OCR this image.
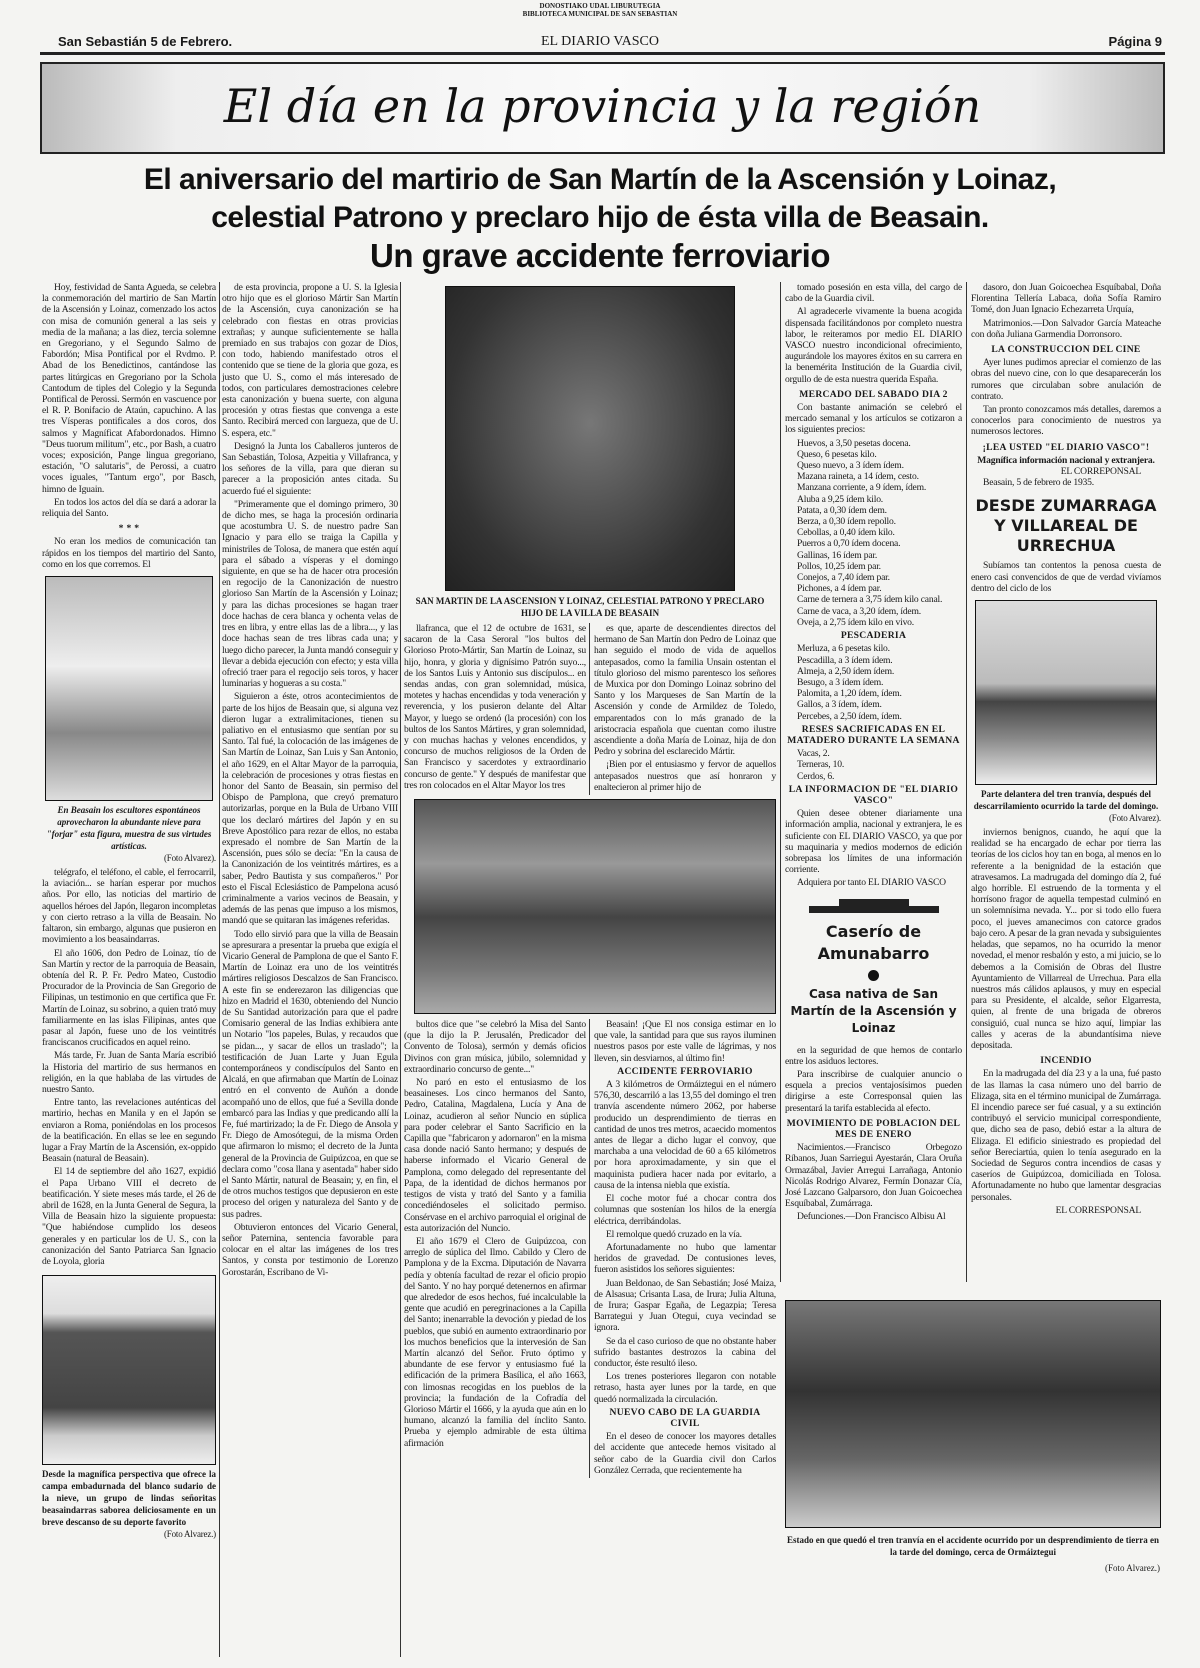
DONOSTIAKO UDAL LIBURUTEGIA
BIBLIOTECA MUNICIPAL DE SAN SEBASTIAN
San Sebastián 5 de Febrero.	EL DIARIO VASCO	Página 9
El día en la provincia y la región
El aniversario del martirio de San Martín de la Ascensión y Loinaz,
celestial Patrono y preclaro hijo de ésta villa de Beasain.
Un grave accidente ferroviario

Hoy, festividad de Santa Agueda, se celebra la conmemoración del martirio de San Martín de la Ascensión y Loinaz, comenzado los actos con misa de comunión general a las seis y media de la mañana; a las diez, tercia solemne en Gregoriano, y el Segundo Salmo de Fabordón; Misa Pontifical por el Rvdmo. P. Abad de los Benedictinos, cantándose las partes litúrgicas en Gregoriano por la Schola Cantodum de tiples del Colegio y la Segunda Pontifical de Perossi. Sermón en vascuence por el R. P. Bonifacio de Ataún, capuchino. A las tres Vísperas pontificales a dos coros, dos salmos y Magníficat Afabordonados. Himno "Deus tuorum militum", etc., por Bash, a cuatro voces; exposición, Pange lingua gregoriano, estación, "O salutaris", de Perossi, a cuatro voces iguales, "Tantum ergo", por Basch, himno de Iguain.

En todos los actos del día se dará a adorar la reliquia del Santo.

* * *

No eran los medios de comunicación tan rápidos en los tiempos del martirio del Santo, como en los que corremos. El

En Beasain los escultores espontáneos aprovecharon la abundante nieve para "forjar" esta figura, muestra de sus virtudes artísticas.
(Foto Alvarez).

telégrafo, el teléfono, el cable, el ferrocarril, la aviación... se harían esperar por muchos años. Por ello, las noticias del martirio de aquellos héroes del Japón, llegaron incompletas y con cierto retraso a la villa de Beasain. No faltaron, sin embargo, algunas que pusieron en movimiento a los beasaindarras.

El año 1606, don Pedro de Loinaz, tío de San Martín y rector de la parroquia de Beasain, obtenía del R. P. Fr. Pedro Mateo, Custodio Procurador de la Provincia de San Gregorio de Filipinas, un testimonio en que certifica que Fr. Martín de Loinaz, su sobrino, a quien trató muy familiarmente en las islas Filipinas, antes que pasar al Japón, fuese uno de los veintitrés franciscanos crucificados en aquel reino.

Más tarde, Fr. Juan de Santa María escribió la Historia del martirio de sus hermanos en religión, en la que hablaba de las virtudes de nuestro Santo.

Entre tanto, las revelaciones auténticas del martirio, hechas en Manila y en el Japón se enviaron a Roma, poniéndolas en los procesos de la beatificación. En ellas se lee en segundo lugar a Fray Martín de la Ascensión, ex-oppido Beasain (natural de Beasain).

El 14 de septiembre del año 1627, expidió el Papa Urbano VIII el decreto de beatificación. Y siete meses más tarde, el 26 de abril de 1628, en la Junta General de Segura, la Villa de Beasain hizo la siguiente propuesta: "Que habiéndose cumplido los deseos generales y en particular los de U. S., con la canonización del Santo Patriarca San Ignacio de Loyola, gloria

Desde la magnífica perspectiva que ofrece la campa embadurnada del blanco sudario de la nieve, un grupo de lindas señoritas beasaindarras saborea deliciosamente en un breve descanso de su deporte favorito
(Foto Alvarez.)

de esta provincia, propone a U. S. la Iglesia otro hijo que es el glorioso Mártir San Martín de la Ascensión, cuya canonización se ha celebrado con fiestas en otras provicias extrañas; y aunque suficientemente se halla premiado en sus trabajos con gozar de Dios, con todo, habiendo manifestado otros el contenido que se tiene de la gloria que goza, es justo que U. S., como el más interesado de todos, con particulares demostraciones celebre esta canonización y buena suerte, con alguna procesión y otras fiestas que convenga a este Santo. Recibirá merced con largueza, que de U. S. espera, etc."

Designó la Junta los Caballeros junteros de San Sebastián, Tolosa, Azpeitia y Villafranca, y los señores de la villa, para que dieran su parecer a la proposición antes citada. Su acuerdo fué el siguiente:

"Primeramente que el domingo primero, 30 de dicho mes, se haga la procesión ordinaria que acostumbra U. S. de nuestro padre San Ignacio y para ello se traiga la Capilla y ministriles de Tolosa, de manera que estén aquí para el sábado a vísperas y el domingo siguiente, en que se ha de hacer otra procesión en regocijo de la Canonización de nuestro glorioso San Martín de la Ascensión y Loinaz; y para las dichas procesiones se hagan traer doce hachas de cera blanca y ochenta velas de tres en libra, y entre ellas las de a libra..., y las doce hachas sean de tres libras cada una; y luego dicho parecer, la Junta mandó conseguir y llevar a debida ejecución con efecto; y esta villa ofreció traer para el regocijo seis toros, y hacer luminarias y hogueras a su costa."

Siguieron a éste, otros acontecimientos de parte de los hijos de Beasain que, si alguna vez dieron lugar a extralimitaciones, tienen su paliativo en el entusiasmo que sentían por su Santo. Tal fué, la colocación de las imágenes de San Martín de Loinaz, San Luis y San Antonio, el año 1629, en el Altar Mayor de la parroquia, la celebración de procesiones y otras fiestas en honor del Santo de Beasain, sin permiso del Obispo de Pamplona, que creyó prematuro autorizarlas, porque en la Bula de Urbano VIII que los declaró mártires del Japón y en su Breve Apostólico para rezar de ellos, no estaba expresado el nombre de San Martín de la Ascensión, pues sólo se decía: "En la causa de la Canonización de los veintitrés mártires, es a saber, Pedro Bautista y sus compañeros." Por esto el Fiscal Eclesiástico de Pampelona acusó criminalmente a varios vecinos de Beasain, y además de las penas que impuso a los mismos, mandó que se quitaran las imágenes referidas.

Todo ello sirvió para que la villa de Beasain se apresurara a presentar la prueba que exigía el Vicario General de Pamplona de que el Santo F. Martín de Loinaz era uno de los veintitrés mártires religiosos Descalzos de San Francisco. A este fin se enderezaron las diligencias que hizo en Madrid el 1630, obteniendo del Nuncio de Su Santidad autorización para que el padre Comisario general de las Indias exhibiera ante un Notario "los papeles, Bulas, y recaudos que se pidan..., y sacar de ellos un traslado"; la testificación de Juan Larte y Juan Egula contemporáneos y condiscípulos del Santo en Alcalá, en que afirmaban que Martín de Loinaz entró en el convento de Auñón a donde acompañó uno de ellos, que fué a Sevilla donde embarcó para las Indias y que predicando allí la Fe, fué martirizado; la de Fr. Diego de Ansola y Fr. Diego de Amosótegui, de la misma Orden que afirmaron lo mismo; el decreto de la Junta general de la Provincia de Guipúzcoa, en que se declara como "cosa llana y asentada" haber sido el Santo Mártir, natural de Beasain; y, en fin, el de otros muchos testigos que depusieron en este proceso del origen y naturaleza del Santo y de sus padres.

Obtuvieron entonces del Vicario General, señor Paternina, sentencia favorable para colocar en el altar las imágenes de los tres Santos, y consta por testimonio de Lorenzo Gorostarán, Escribano de Vi-

SAN MARTIN DE LA ASCENSION Y LOINAZ, CELESTIAL PATRONO Y PRECLARO HIJO DE LA VILLA DE BEASAIN

llafranca, que el 12 de octubre de 1631, se sacaron de la Casa Seroral "los bultos del Glorioso Proto-Mártir, San Martín de Loinaz, su hijo, honra, y gloria y dignísimo Patrón suyo..., de los Santos Luis y Antonio sus discípulos... en sendas andas, con gran solemnidad, música, motetes y hachas encendidas y toda veneración y reverencia, y los pusieron delante del Altar Mayor, y luego se ordenó (la procesión) con los bultos de los Santos Mártires, y gran solemnidad, y con muchas hachas y velones encendidos, y concurso de muchos religiosos de la Orden de San Francisco y sacerdotes y extraordinario concurso de gente." Y después de manifestar que tres ron colocados en el Altar Mayor los tres

es que, aparte de descendientes directos del hermano de San Martín don Pedro de Loinaz que han seguido el modo de vida de aquellos antepasados, como la familia Unsain ostentan el título glorioso del mismo parentesco los señores de Muxica por don Domingo Loinaz sobrino del Santo y los Marqueses de San Martín de la Ascensión y conde de Armildez de Toledo, emparentados con lo más granado de la aristocracia española que cuentan como ilustre ascendiente a doña María de Loinaz, hija de don Pedro y sobrina del esclarecido Mártir.

¡Bien por el entusiasmo y fervor de aquellos antepasados nuestros que así honraron y enaltecieron al primer hijo de

bultos dice que "se celebró la Misa del Santo (que la dijo la P. Jerusalén, Predicador del Convento de Tolosa), sermón y demás oficios Divinos con gran música, júbilo, solemnidad y extraordinario concurso de gente..."

No paró en esto el entusiasmo de los beasaineses. Los cinco hermanos del Santo, Pedro, Catalina, Magdalena, Lucía y Ana de Loinaz, acudieron al señor Nuncio en súplica para poder celebrar el Santo Sacrificio en la Capilla que "fabricaron y adornaron" en la misma casa donde nació Santo hermano; y después de haberse informado el Vicario General de Pamplona, como delegado del representante del Papa, de la identidad de dichos hermanos por testigos de vista y trató del Santo y a familia concediéndoseles el solicitado permiso. Consérvase en el archivo parroquial el original de esta autorización del Nuncio.

El año 1679 el Clero de Guipúzcoa, con arreglo de súplica del Ilmo. Cabildo y Clero de Pamplona y de la Excma. Diputación de Navarra pedía y obtenía facultad de rezar el oficio propio del Santo. Y no hay porqué detenernos en afirmar que alrededor de esos hechos, fué incalculable la gente que acudió en peregrinaciones a la Capilla del Santo; inenarrable la devoción y piedad de los pueblos, que subió en aumento extraordinario por los muchos beneficios que la intervesión de San Martín alcanzó del Señor. Fruto óptimo y abundante de ese fervor y entusiasmo fué la edificación de la primera Basílica, el año 1663, con limosnas recogidas en los pueblos de la provincia; la fundación de la Cofradía del Glorioso Mártir el 1666, y la ayuda que aún en lo humano, alcanzó la familia del ínclito Santo. Prueba y ejemplo admirable de esta última afirmación

Beasain! ¡Que El nos consiga estimar en lo que vale, la santidad para que sus rayos iluminen nuestros pasos por este valle de lágrimas, y nos lleven, sin desviarnos, al último fin!

ACCIDENTE FERROVIARIO

A 3 kilómetros de Ormáiztegui en el número 576,30, descarriló a las 13,55 del domingo el tren tranvía ascendente número 2062, por haberse producido un desprendimiento de tierras en cantidad de unos tres metros, acaecido momentos antes de llegar a dicho lugar el convoy, que marchaba a una velocidad de 60 a 65 kilómetros por hora aproximadamente, y sin que el maquinista pudiera hacer nada por evitarlo, a causa de la intensa niebla que existía.

El coche motor fué a chocar contra dos columnas que sostenían los hilos de la energía eléctrica, derribándolas.

El remolque quedó cruzado en la vía.

Afortunadamente no hubo que lamentar heridos de gravedad. De contusiones leves, fueron asistidos los señores siguientes:

Juan Beldonao, de San Sebastián; José Maiza, de Alsasua; Crisanta Lasa, de Irura; Julia Altuna, de Irura; Gaspar Egaña, de Legazpia; Teresa Barrategui y Juan Otegui, cuya vecindad se ignora.

Se da el caso curioso de que no obstante haber sufrido bastantes destrozos la cabina del conductor, éste resultó ileso.

Los trenes posteriores llegaron con notable retraso, hasta ayer lunes por la tarde, en que quedó normalizada la circulación.

NUEVO CABO DE LA GUARDIA CIVIL

En el deseo de conocer los mayores detalles del accidente que antecede hemos visitado al señor cabo de la Guardia civil don Carlos González Cerrada, que recientemente ha

tomado posesión en esta villa, del cargo de cabo de la Guardia civil.

Al agradecerle vivamente la buena acogida dispensada facilitándonos por completo nuestra labor, le reiteramos por medio EL DIARIO VASCO nuestro incondicional ofrecimiento, augurándole los mayores éxitos en su carrera en la benemérita Institución de la Guardia civil, orgullo de de esta nuestra querida España.

MERCADO DEL SABADO DIA 2

Con bastante animación se celebró el mercado semanal y los artículos se cotizaron a los siguientes precios:

Huevos, a 3,50 pesetas docena.
Queso, 6 pesetas kilo.
Queso nuevo, a 3 ídem ídem.
Mazana raineta, a 14 ídem, cesto.
Manzana corriente, a 9 ídem, ídem.
Aluba a 9,25 ídem kilo.
Patata, a 0,30 ídem dem.
Berza, a 0,30 ídem repollo.
Cebollas, a 0,40 ídem kilo.
Puerros a 0,70 ídem docena.
Gallinas, 16 ídem par.
Pollos, 10,25 ídem par.
Conejos, a 7,40 ídem par.
Pichones, a 4 ídem par.
Carne de ternera a 3,75 ídem kilo canal.
Carne de vaca, a 3,20 ídem, ídem.
Oveja, a 2,75 ídem kilo en vivo.
PESCADERIA
Merluza, a 6 pesetas kilo.
Pescadilla, a 3 ídem ídem.
Almeja, a 2,50 ídem ídem.
Besugo, a 3 ídem ídem.
Palomita, a 1,20 ídem, ídem.
Gallos, a 3 ídem, ídem.
Percebes, a 2,50 ídem, ídem.
RESES SACRIFICADAS EN EL MATADERO DURANTE LA SEMANA
Vacas, 2.
Terneras, 10.
Cerdos, 6.
LA INFORMACION DE "EL DIARIO VASCO"

Quien desee obtener diariamente una información amplia, nacional y extranjera, le es suficiente con EL DIARIO VASCO, ya que por su maquinaria y medios modernos de edición sobrepasa los límites de una información corriente.

Adquiera por tanto EL DIARIO VASCO

Caserío de Amunabarro
Casa nativa de San Martín de la Ascensión y Loinaz

en la seguridad de que hemos de contarlo entre los asiduos lectores.

Para inscribirse de cualquier anuncio o esquela a precios ventajosísimos pueden dirigirse a este Corresponsal quien las presentará la tarifa establecida al efecto.

MOVIMIENTO DE POBLACION DEL MES DE ENERO

Nacimientos.—Francisco Orbegozo Ríbanos, Juan Sarriegui Ayestarán, Clara Oruña Ormazábal, Javier Arregui Larrañaga, Antonio Nicolás Rodrigo Alvarez, Fermín Donazar Cía, José Lazcano Galparsoro, don Juan Goicoechea Esquíbabal, Zumárraga.

Defunciones.—Don Francisco Albisu Al

dasoro, don Juan Goicoechea Esquíbabal, Doña Florentina Tellería Labaca, doña Sofía Ramiro Tomé, don Juan Ignacio Echezarreta Urquía,

Matrimonios.—Don Salvador García Mateache con doña Juliana Garmendia Dorronsoro.

LA CONSTRUCCION DEL CINE

Ayer lunes pudimos apreciar el comienzo de las obras del nuevo cine, con lo que desaparecerán los rumores que circulaban sobre anulación de contrato.

Tan pronto conozcamos más detalles, daremos a conocerlos para conocimiento de nuestros ya numerosos lectores.

¡LEA USTED "EL DIARIO VASCO"!
Magnífica información nacional y extranjera.
EL CORREPONSAL

Beasain, 5 de febrero de 1935.

DESDE ZUMARRAGA Y VILLAREAL DE URRECHUA

Subíamos tan contentos la penosa cuesta de enero casi convencidos de que de verdad vivíamos dentro del ciclo de los

Parte delantera del tren tranvía, después del descarrilamiento ocurrido la tarde del domingo.
(Foto Alvarez).

inviernos benignos, cuando, he aquí que la realidad se ha encargado de echar por tierra las teorías de los ciclos hoy tan en boga, al menos en lo referente a la benignidad de la estación que atravesamos. La madrugada del domingo día 2, fué algo horrible. El estruendo de la tormenta y el horrísono fragor de aquella tempestad culminó en un solemnísima nevada. Y... por si todo ello fuera poco, el jueves amanecimos con catorce grados bajo cero. A pesar de la gran nevada y subsiguientes heladas, que sepamos, no ha ocurrido la menor novedad, el menor resbalón y esto, a mi juicio, se lo debemos a la Comisión de Obras del Ilustre Ayuntamiento de Villarreal de Urrechua. Para ella nuestros más cálidos aplausos, y muy en especial para su Presidente, el alcalde, señor Elgarresta, quien, al frente de una brigada de obreros consiguió, cual nunca se hizo aquí, limpiar las calles y aceras de la abundantísima nieve depositada.

INCENDIO

En la madrugada del día 23 y a la una, fué pasto de las llamas la casa número uno del barrio de Elizaga, sita en el término municipal de Zumárraga. El incendio parece ser fué casual, y a su extinción contribuyó el servicio municipal correspondiente, que, dicho sea de paso, debió estar a la altura de Elizaga. El edificio siniestrado es propiedad del señor Bereciartúa, quien lo tenía asegurado en la Sociedad de Seguros contra incendios de casas y caseríos de Guipúzcoa, domiciliada en Tolosa. Afortunadamente no hubo que lamentar desgracias personales.

EL CORRESPONSAL
Estado en que quedó el tren tranvía en el accidente ocurrido por un desprendimiento de tierra en la tarde del domingo, cerca de Ormáiztegui
(Foto Alvarez.)
